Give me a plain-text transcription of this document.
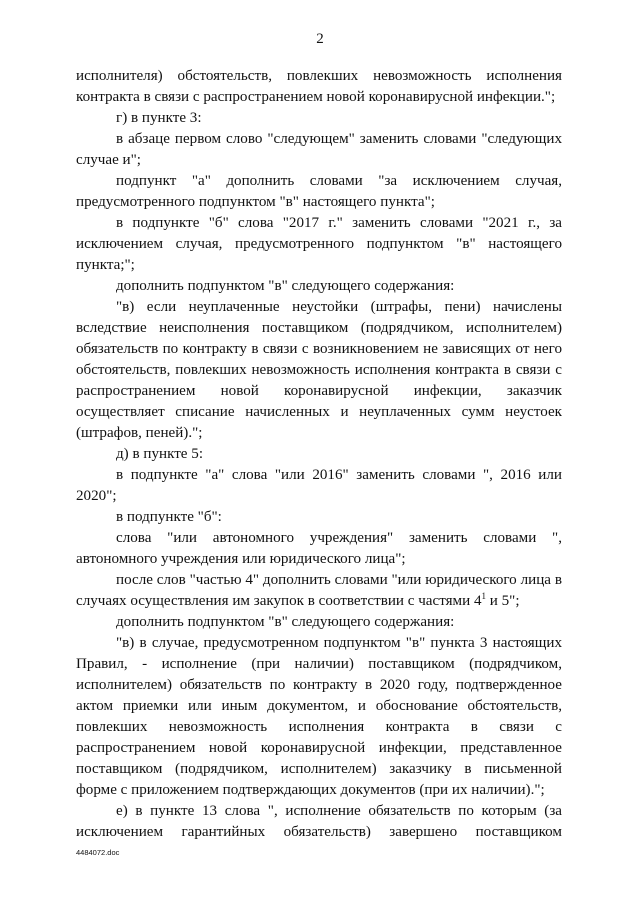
2

исполнителя) обстоятельств, повлекших невозможность исполнения контракта в связи с распространением новой коронавирусной инфекции.";

г) в пункте 3:

в абзаце первом слово "следующем" заменить словами "следующих случае и";

подпункт "а" дополнить словами "за исключением случая, предусмотренного подпунктом "в" настоящего пункта";

в подпункте "б" слова "2017 г." заменить словами "2021 г., за исключением случая, предусмотренного подпунктом "в" настоящего пункта;";

дополнить подпунктом "в" следующего содержания:

"в) если неуплаченные неустойки (штрафы, пени) начислены вследствие неисполнения поставщиком (подрядчиком, исполнителем) обязательств по контракту в связи с возникновением не зависящих от него обстоятельств, повлекших невозможность исполнения контракта в связи с распространением новой коронавирусной инфекции, заказчик осуществляет списание начисленных и неуплаченных сумм неустоек (штрафов, пеней).";

д) в пункте 5:

в подпункте "а" слова "или 2016" заменить словами ", 2016 или 2020";

в подпункте "б":

слова "или автономного учреждения" заменить словами ", автономного учреждения или юридического лица";

после слов "частью 4" дополнить словами "или юридического лица в случаях осуществления им закупок в соответствии с частями $4^1$ и 5";

дополнить подпунктом "в" следующего содержания:

"в) в случае, предусмотренном подпунктом "в" пункта 3 настоящих Правил, - исполнение (при наличии) поставщиком (подрядчиком, исполнителем) обязательств по контракту в 2020 году, подтвержденное актом приемки или иным документом, и обоснование обстоятельств, повлекших невозможность исполнения контракта в связи с распространением новой коронавирусной инфекции, представленное поставщиком (подрядчиком, исполнителем) заказчику в письменной форме с приложением подтверждающих документов (при их наличии).";

е) в пункте 13 слова ", исполнение обязательств по которым (за исключением гарантийных обязательств) завершено поставщиком

4484072.doc
